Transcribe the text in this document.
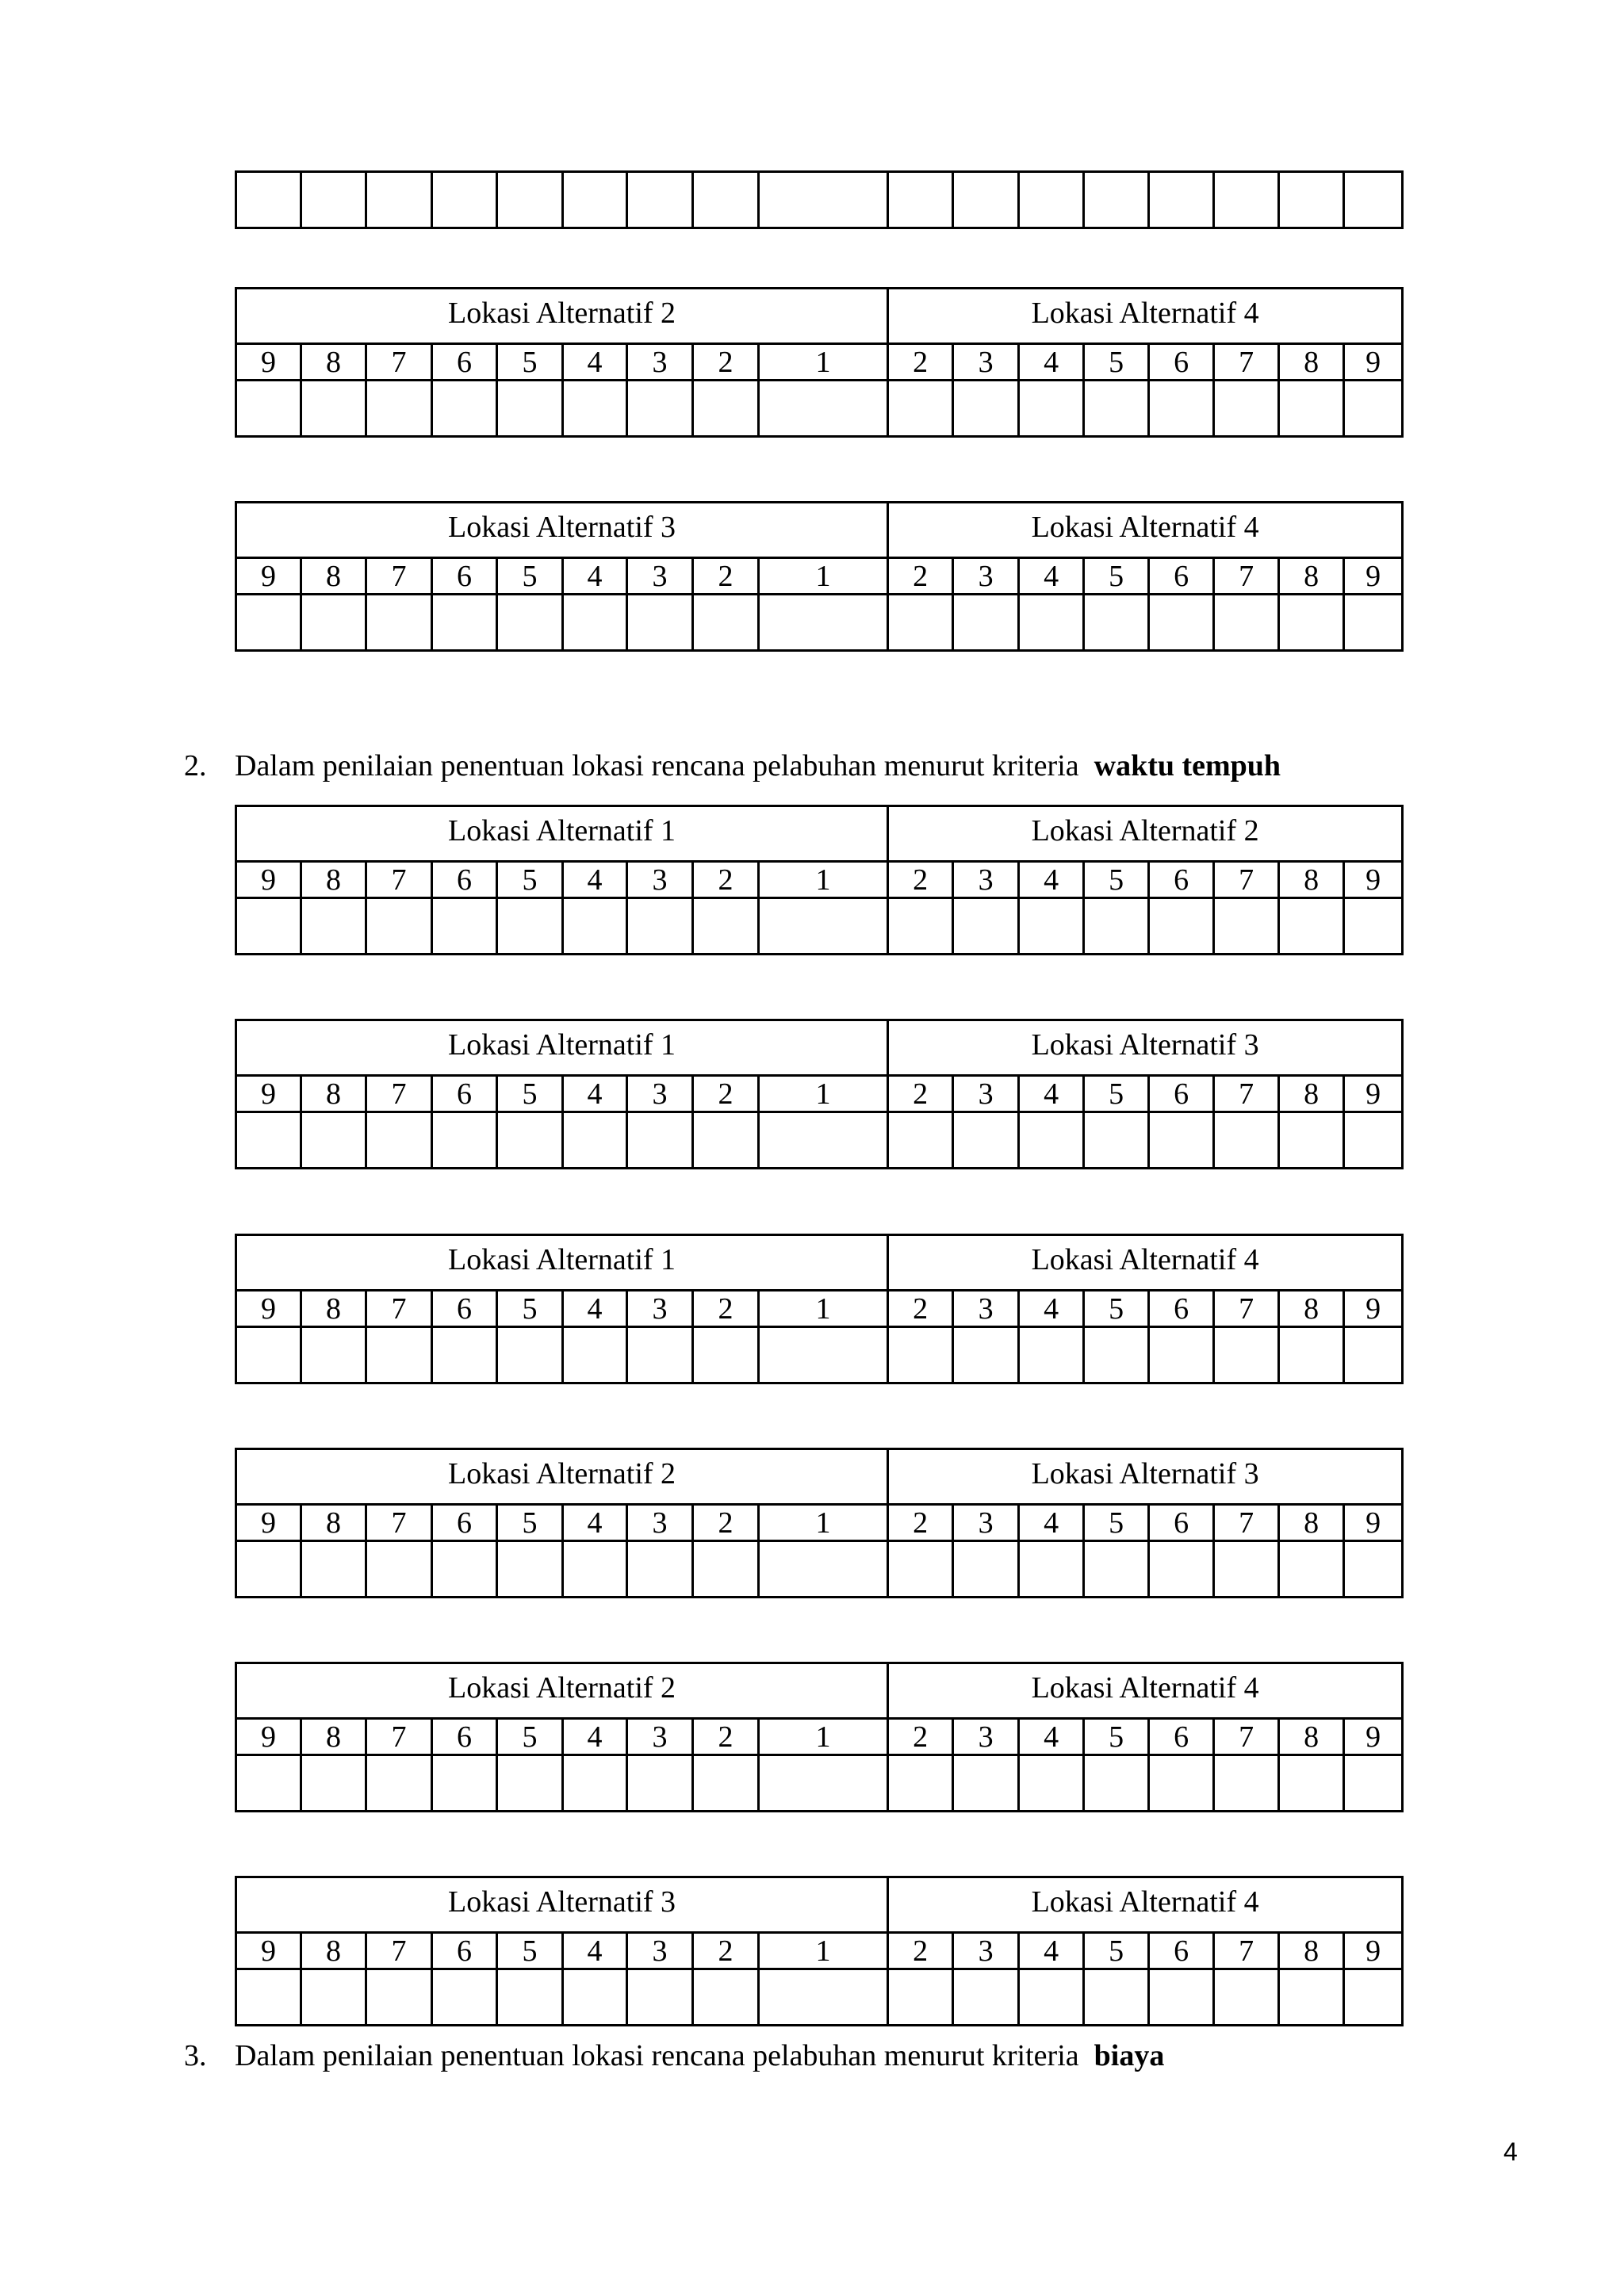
Lokasi Alternatif 2									Lokasi Alternatif 4							
9	8	7	6	5	4	3	2	1	2	3	4	5	6	7	8	9

Lokasi Alternatif 3									Lokasi Alternatif 4							
9	8	7	6	5	4	3	2	1	2	3	4	5	6	7	8	9

Lokasi Alternatif 1									Lokasi Alternatif 2							
9	8	7	6	5	4	3	2	1	2	3	4	5	6	7	8	9

Lokasi Alternatif 1									Lokasi Alternatif 3							
9	8	7	6	5	4	3	2	1	2	3	4	5	6	7	8	9

Lokasi Alternatif 1									Lokasi Alternatif 4							
9	8	7	6	5	4	3	2	1	2	3	4	5	6	7	8	9

Lokasi Alternatif 2									Lokasi Alternatif 3							
9	8	7	6	5	4	3	2	1	2	3	4	5	6	7	8	9

Lokasi Alternatif 2									Lokasi Alternatif 4							
9	8	7	6	5	4	3	2	1	2	3	4	5	6	7	8	9

Lokasi Alternatif 3									Lokasi Alternatif 4							
9	8	7	6	5	4	3	2	1	2	3	4	5	6	7	8	9

2. Dalam penilaian penentuan lokasi rencana pelabuhan menurut kriteria waktu tempuh
3. Dalam penilaian penentuan lokasi rencana pelabuhan menurut kriteria biaya
4
